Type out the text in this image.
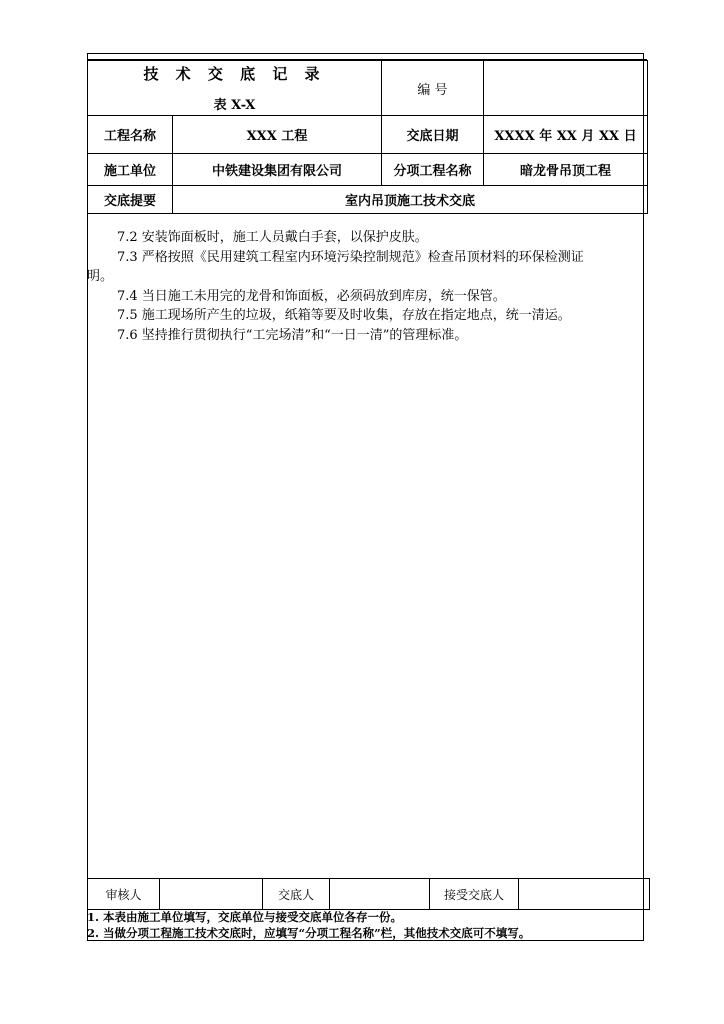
技 术 交 底 记 录
表 X-X		编 号	
工程名称	XXX 工程	交底日期	XXXX 年 XX 月 XX 日
施工单位	中铁建设集团有限公司	分项工程名称	暗龙骨吊顶工程
交底提要	室内吊顶施工技术交底		

7.2 安装饰面板时，施工人员戴白手套，以保护皮肤。

7.3 严格按照《民用建筑工程室内环境污染控制规范》检查吊顶材料的环保检测证

明。

7.4 当日施工未用完的龙骨和饰面板，必须码放到库房，统一保管。

7.5 施工现场所产生的垃圾，纸箱等要及时收集，存放在指定地点，统一清运。

7.6 坚持推行贯彻执行“工完场清”和“一日一清”的管理标准。

审核人		交底人		接受交底人	

1. 本表由施工单位填写，交底单位与接受交底单位各存一份。

2. 当做分项工程施工技术交底时，应填写“分项工程名称”栏，其他技术交底可不填写。
